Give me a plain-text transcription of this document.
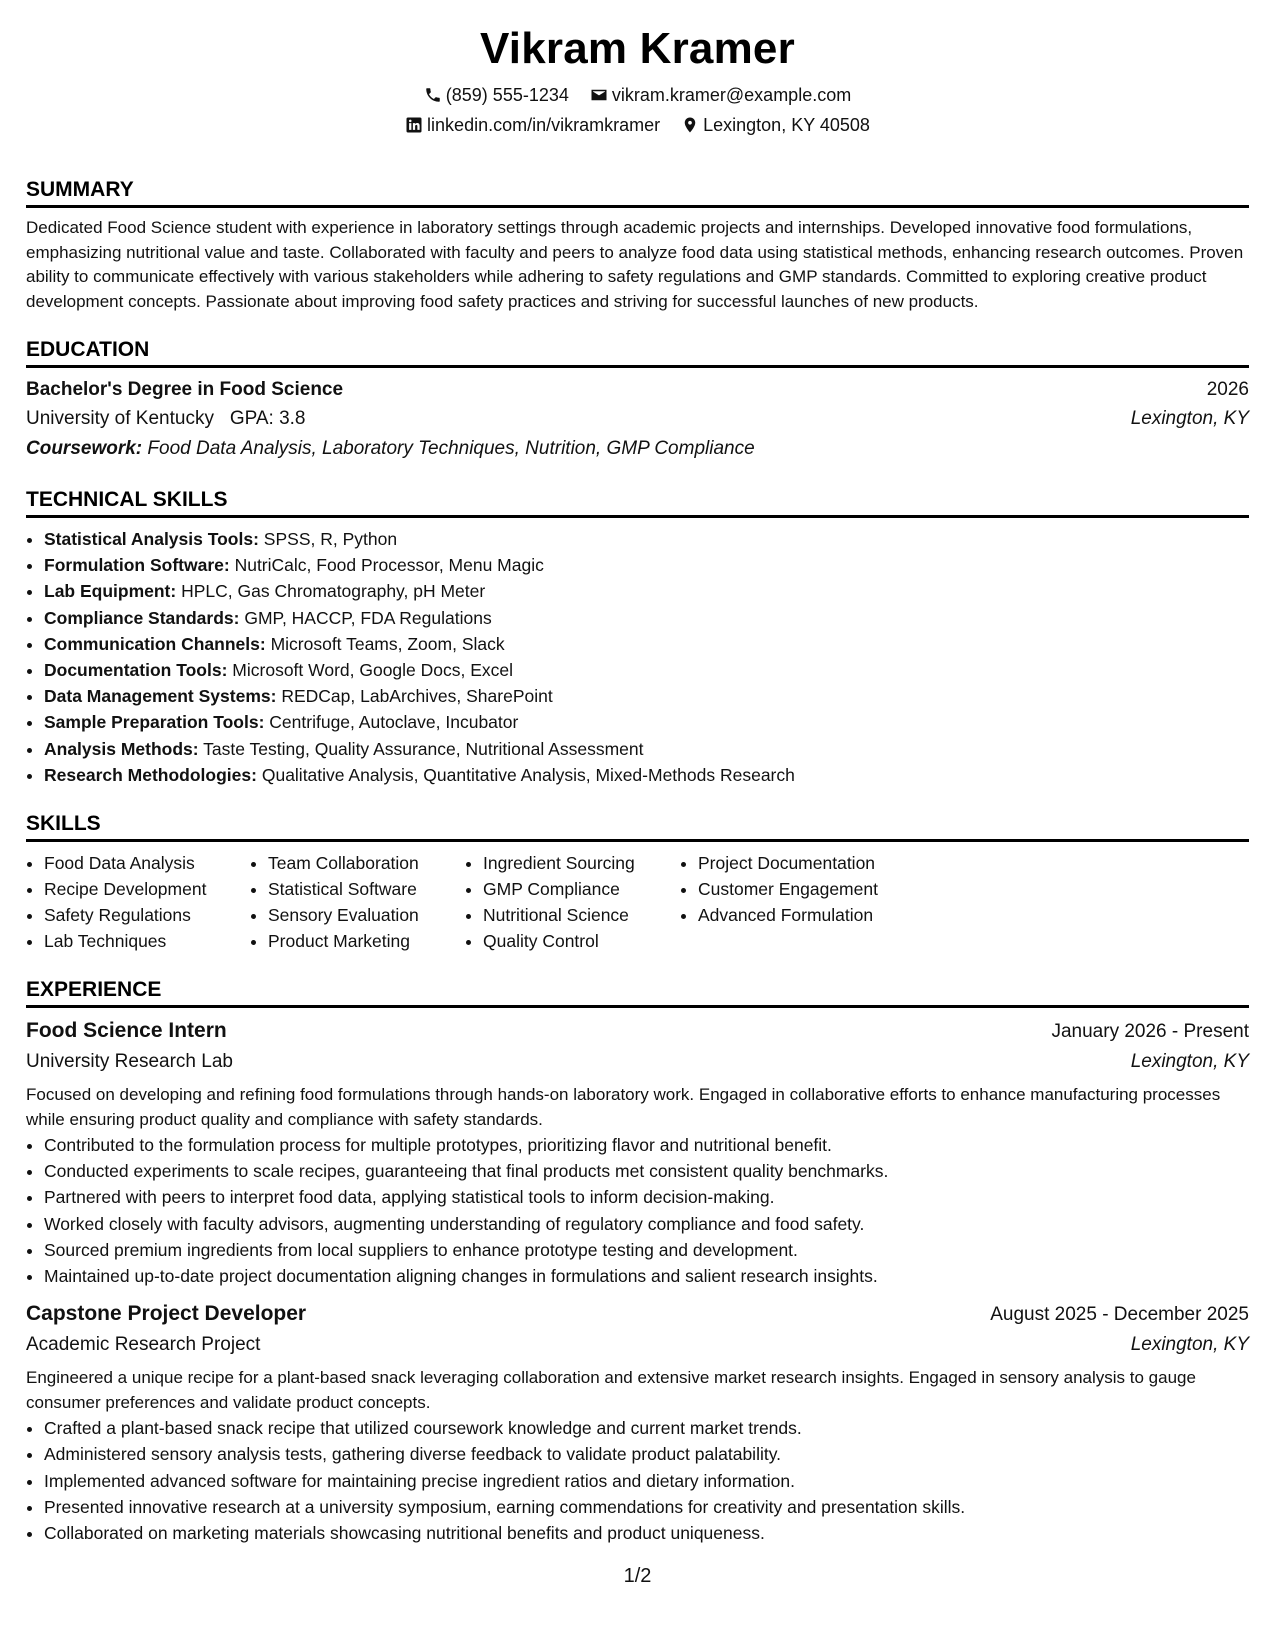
Vikram Kramer
(859) 555-1234 vikram.kramer@example.com
linkedin.com/in/vikramkramer Lexington, KY 40508
SUMMARY

Dedicated Food Science student with experience in laboratory settings through academic projects and internships. Developed innovative food formulations, emphasizing nutritional value and taste. Collaborated with faculty and peers to analyze food data using statistical methods, enhancing research outcomes. Proven ability to communicate effectively with various stakeholders while adhering to safety regulations and GMP standards. Committed to exploring creative product development concepts. Passionate about improving food safety practices and striving for successful launches of new products.

EDUCATION
Bachelor's Degree in Food Science	2026
University of Kentucky GPA: 3.8	Lexington, KY
Coursework: Food Data Analysis, Laboratory Techniques, Nutrition, GMP Compliance
TECHNICAL SKILLS
• Statistical Analysis Tools: SPSS, R, Python
• Formulation Software: NutriCalc, Food Processor, Menu Magic
• Lab Equipment: HPLC, Gas Chromatography, pH Meter
• Compliance Standards: GMP, HACCP, FDA Regulations
• Communication Channels: Microsoft Teams, Zoom, Slack
• Documentation Tools: Microsoft Word, Google Docs, Excel
• Data Management Systems: REDCap, LabArchives, SharePoint
• Sample Preparation Tools: Centrifuge, Autoclave, Incubator
• Analysis Methods: Taste Testing, Quality Assurance, Nutritional Assessment
• Research Methodologies: Qualitative Analysis, Quantitative Analysis, Mixed-Methods Research
SKILLS
• Food Data Analysis
• Recipe Development
• Safety Regulations
• Lab Techniques
• Team Collaboration
• Statistical Software
• Sensory Evaluation
• Product Marketing
• Ingredient Sourcing
• GMP Compliance
• Nutritional Science
• Quality Control
• Project Documentation
• Customer Engagement
• Advanced Formulation
EXPERIENCE
Food Science Intern	January 2026 - Present
University Research Lab	Lexington, KY

Focused on developing and refining food formulations through hands-on laboratory work. Engaged in collaborative efforts to enhance manufacturing processes while ensuring product quality and compliance with safety standards.

• Contributed to the formulation process for multiple prototypes, prioritizing flavor and nutritional benefit.
• Conducted experiments to scale recipes, guaranteeing that final products met consistent quality benchmarks.
• Partnered with peers to interpret food data, applying statistical tools to inform decision-making.
• Worked closely with faculty advisors, augmenting understanding of regulatory compliance and food safety.
• Sourced premium ingredients from local suppliers to enhance prototype testing and development.
• Maintained up-to-date project documentation aligning changes in formulations and salient research insights.
Capstone Project Developer	August 2025 - December 2025
Academic Research Project	Lexington, KY

Engineered a unique recipe for a plant-based snack leveraging collaboration and extensive market research insights. Engaged in sensory analysis to gauge consumer preferences and validate product concepts.

• Crafted a plant-based snack recipe that utilized coursework knowledge and current market trends.
• Administered sensory analysis tests, gathering diverse feedback to validate product palatability.
• Implemented advanced software for maintaining precise ingredient ratios and dietary information.
• Presented innovative research at a university symposium, earning commendations for creativity and presentation skills.
• Collaborated on marketing materials showcasing nutritional benefits and product uniqueness.
1/2
